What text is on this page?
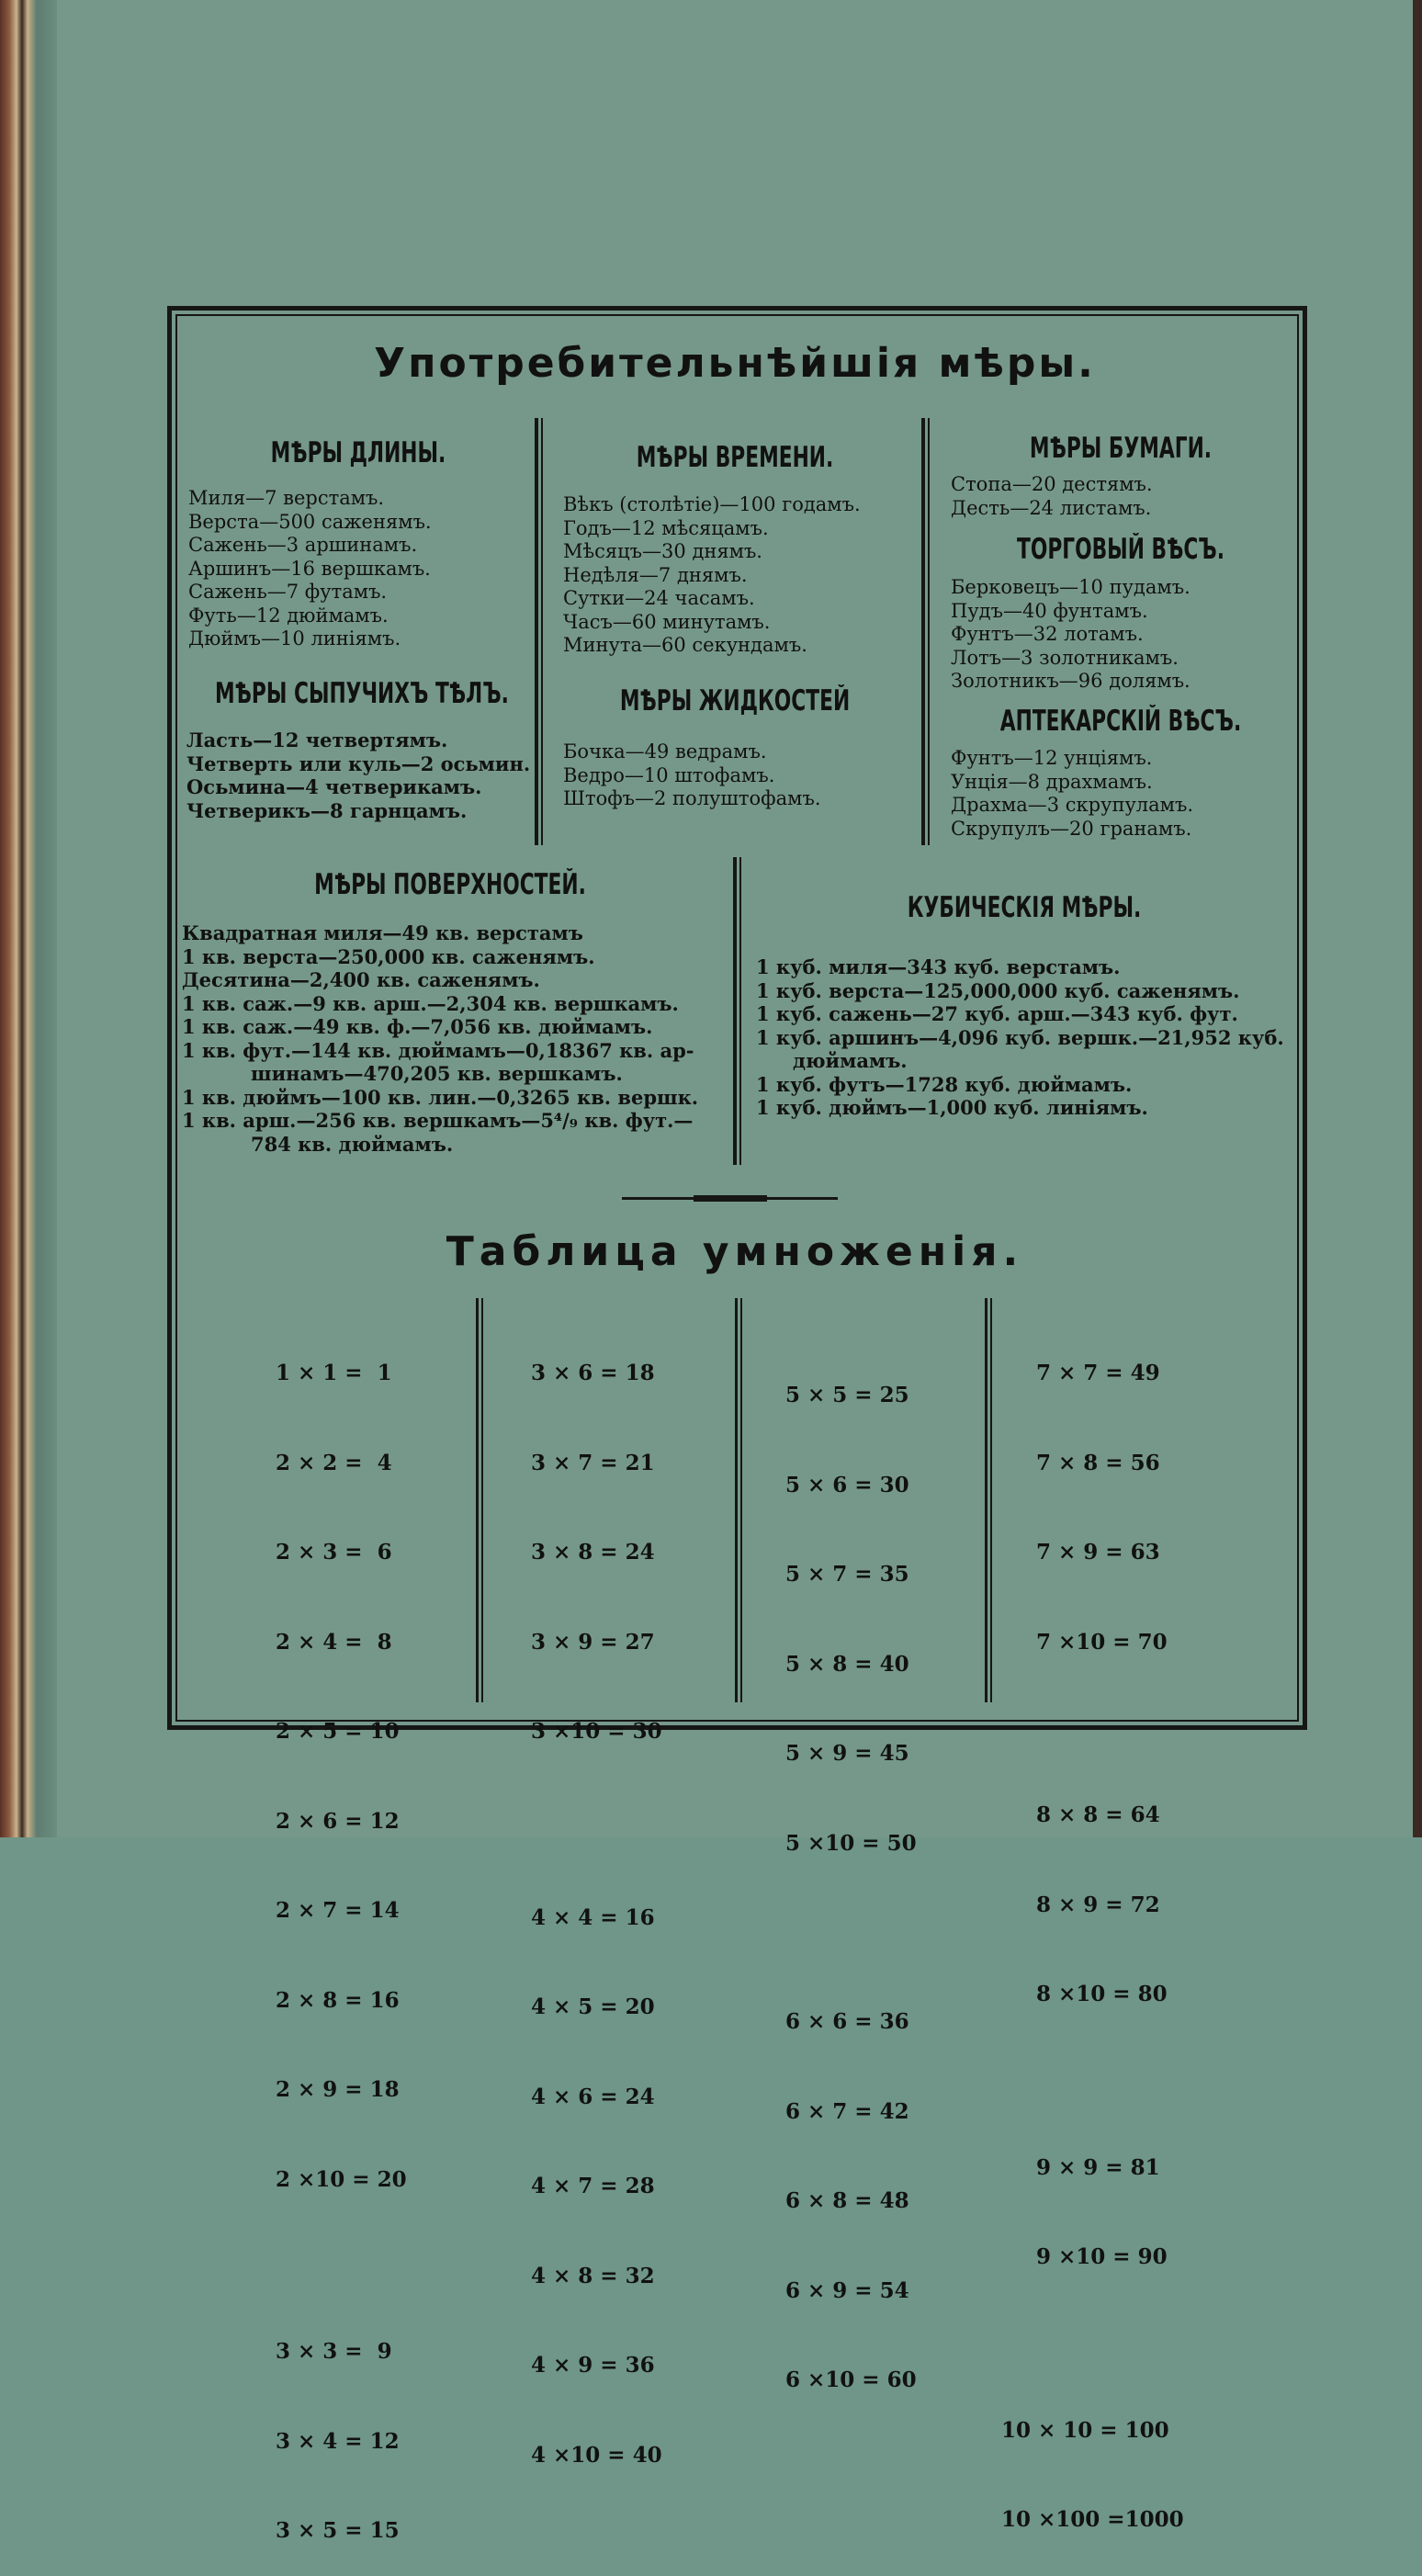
Употребительнѣйшія мѣры.
МѢРЫ ДЛИНЫ.
Миля—7 верстамъ.
Верста—500 саженямъ.
Сажень—3 аршинамъ.
Аршинъ—16 вершкамъ.
Сажень—7 футамъ.
Футь—12 дюймамъ.
Дюймъ—10 линіямъ.
МѢРЫ СЫПУЧИХЪ ТѢЛЪ.
Ласть—12 четвертямъ.
Четверть или куль—2 осьмин.
Осьмина—4 четверикамъ.
Четверикъ—8 гарнцамъ.
МѢРЫ ВРЕМЕНИ.
Вѣкъ (столѣтіе)—100 годамъ.
Годъ—12 мѣсяцамъ.
Мѣсяцъ—30 днямъ.
Недѣля—7 днямъ.
Сутки—24 часамъ.
Часъ—60 минутамъ.
Минута—60 секундамъ.
МѢРЫ ЖИДКОСТЕЙ
Бочка—49 ведрамъ.
Ведро—10 штофамъ.
Штофъ—2 полуштофамъ.
МѢРЫ БУМАГИ.
Стопа—20 дестямъ.
Десть—24 листамъ.
ТОРГОВЫЙ ВѢСЪ.
Берковецъ—10 пудамъ.
Пудъ—40 фунтамъ.
Фунтъ—32 лотамъ.
Лотъ—3 золотникамъ.
Золотникъ—96 долямъ.
АПТЕКАРСКІЙ ВѢСЪ.
Фунтъ—12 унціямъ.
Унція—8 драхмамъ.
Драхма—3 скрупуламъ.
Скрупулъ—20 гранамъ.
МѢРЫ ПОВЕРХНОСТЕЙ.
Квадратная миля—49 кв. верстамъ
1 кв. верста—250,000 кв. саженямъ.
Десятина—2,400 кв. саженямъ.
1 кв. саж.—9 кв. арш.—2,304 кв. вершкамъ.
1 кв. саж.—49 кв. ф.—7,056 кв. дюймамъ.
1 кв. фут.—144 кв. дюймамъ—0,18367 кв. ар-
шинамъ—470,205 кв. вершкамъ.
1 кв. дюймъ—100 кв. лин.—0,3265 кв. вершк.
1 кв. арш.—256 кв. вершкамъ—5⁴/₉ кв. фут.—
784 кв. дюймамъ.
КУБИЧЕСКІЯ МѢРЫ.
1 куб. миля—343 куб. верстамъ.
1 куб. верста—125,000,000 куб. саженямъ.
1 куб. сажень—27 куб. арш.—343 куб. фут.
1 куб. аршинъ—4,096 куб. вершк.—21,952 куб.
дюймамъ.
1 куб. футъ—1728 куб. дюймамъ.
1 куб. дюймъ—1,000 куб. линіямъ.
Таблица умноженія.

1 × 1 =  1

2 × 2 =  4

2 × 3 =  6

2 × 4 =  8

2 × 5 = 10

2 × 6 = 12

2 × 7 = 14

2 × 8 = 16

2 × 9 = 18

2 ×10 = 20

3 × 3 =  9

3 × 4 = 12

3 × 5 = 15

3 × 6 = 18

3 × 7 = 21

3 × 8 = 24

3 × 9 = 27

3 ×10 = 30

4 × 4 = 16

4 × 5 = 20

4 × 6 = 24

4 × 7 = 28

4 × 8 = 32

4 × 9 = 36

4 ×10 = 40

5 × 5 = 25

5 × 6 = 30

5 × 7 = 35

5 × 8 = 40

5 × 9 = 45

5 ×10 = 50

6 × 6 = 36

6 × 7 = 42

6 × 8 = 48

6 × 9 = 54

6 ×10 = 60

7 × 7 = 49

7 × 8 = 56

7 × 9 = 63

7 ×10 = 70

8 × 8 = 64

8 × 9 = 72

8 ×10 = 80

9 × 9 = 81

9 ×10 = 90

10 × 10 = 100

10 ×100 =1000
